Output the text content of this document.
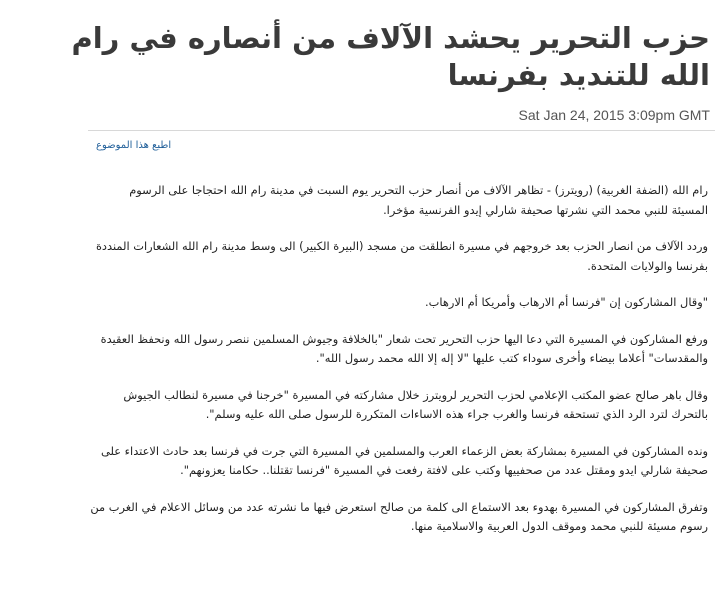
حزب التحرير يحشد الآلاف من أنصاره في رام الله للتنديد بفرنسا
Sat Jan 24, 2015 3:09pm GMT
اطبع هذا الموضوع

رام الله (الضفة الغربية) (رويترز) - تظاهر الآلاف من أنصار حزب التحرير يوم السبت في مدينة رام الله احتجاجا على الرسوم المسيئة للنبي محمد التي نشرتها صحيفة شارلي إيدو الفرنسية مؤخرا.

وردد الآلاف من انصار الحزب بعد خروجهم في مسيرة انطلقت من مسجد (البيرة الكبير) الى وسط مدينة رام الله الشعارات المنددة بفرنسا والولايات المتحدة.

"وقال المشاركون إن "فرنسا أم الارهاب وأمريكا أم الارهاب.

ورفع المشاركون في المسيرة التي دعا اليها حزب التحرير تحت شعار "بالخلافة وجيوش المسلمين ننصر رسول الله ونحفظ العقيدة والمقدسات" أعلاما بيضاء وأخرى سوداء كتب عليها "لا إله إلا الله محمد رسول الله".

وقال باهر صالح عضو المكتب الإعلامي لحزب التحرير لرويترز خلال مشاركته في المسيرة "خرجنا في مسيرة لنطالب الجيوش بالتحرك لترد الرد الذي تستحقه فرنسا والغرب جراء هذه الاساءات المتكررة للرسول صلى الله عليه وسلم".

ونده المشاركون في المسيرة بمشاركة بعض الزعماء العرب والمسلمين في المسيرة التي جرت في فرنسا بعد حادث الاعتداء على صحيفة شارلي ايدو ومقتل عدد من صحفييها وكتب على لافتة رفعت في المسيرة "فرنسا تقتلنا.. حكامنا يعزونهم".

وتفرق المشاركون في المسيرة بهدوء بعد الاستماع الى كلمة من صالح استعرض فيها ما نشرته عدد من وسائل الاعلام في الغرب من رسوم مسيئة للنبي محمد وموقف الدول العربية والاسلامية منها.
